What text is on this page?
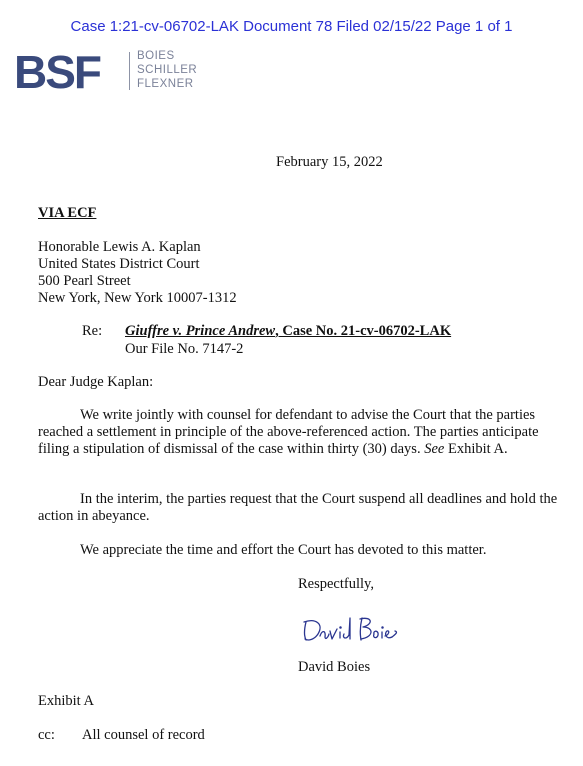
Case 1:21-cv-06702-LAK Document 78 Filed 02/15/22 Page 1 of 1
BSF	BOIES
SCHILLER
FLEXNER
February 15, 2022
VIA ECF
Honorable Lewis A. Kaplan
United States District Court
500 Pearl Street
New York, New York 10007-1312
Re: Giuffre v. Prince Andrew, Case No. 21-cv-06702-LAK
Our File No. 7147-2
Dear Judge Kaplan:
We write jointly with counsel for defendant to advise the Court that the parties reached a settlement in principle of the above-referenced action. The parties anticipate filing a stipulation of dismissal of the case within thirty (30) days. See Exhibit A.
In the interim, the parties request that the Court suspend all deadlines and hold the action in abeyance.
We appreciate the time and effort the Court has devoted to this matter.
Respectfully,
David Boies
Exhibit A
cc: All counsel of record
